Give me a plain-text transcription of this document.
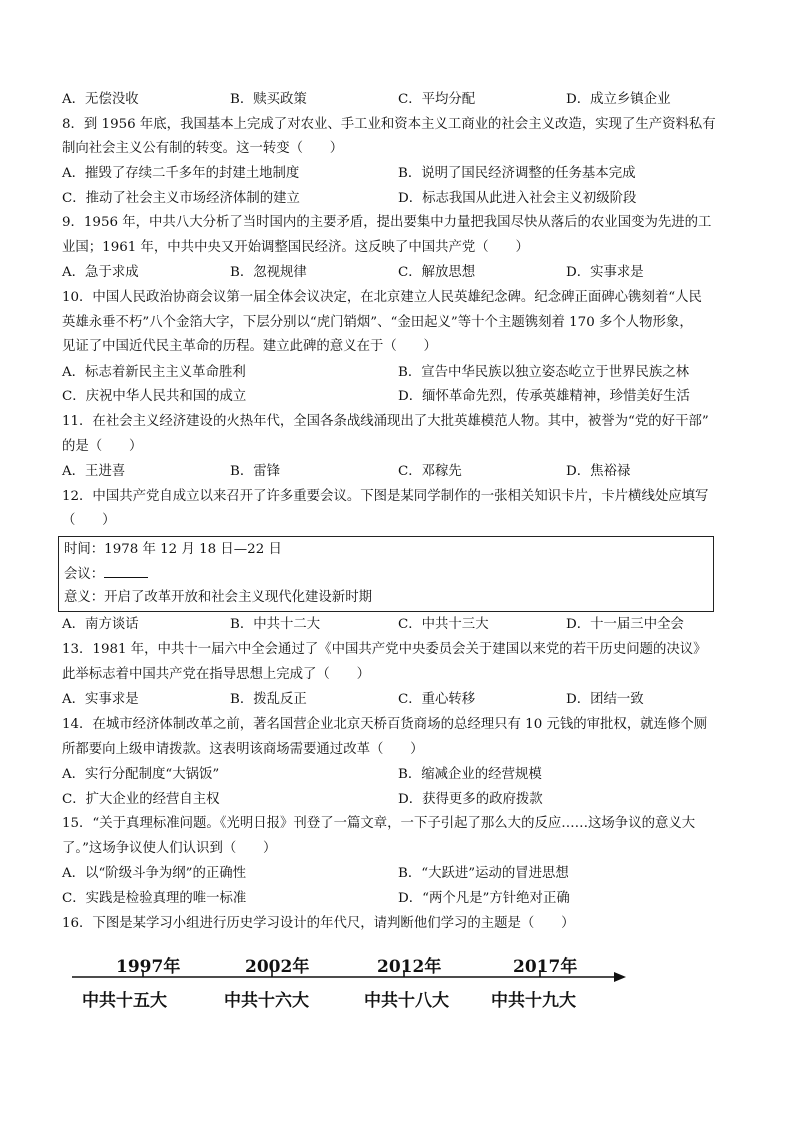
A．无偿没收	B．赎买政策	C．平均分配	D．成立乡镇企业
8．到 1956 年底，我国基本上完成了对农业、手工业和资本主义工商业的社会主义改造，实现了生产资料私有
制向社会主义公有制的转变。这一转变（　　）
A．摧毁了存续二千多年的封建土地制度	B．说明了国民经济调整的任务基本完成
C．推动了社会主义市场经济体制的建立	D．标志我国从此进入社会主义初级阶段
9．1956 年，中共八大分析了当时国内的主要矛盾，提出要集中力量把我国尽快从落后的农业国变为先进的工
业国；1961 年，中共中央又开始调整国民经济。这反映了中国共产党（　　）
A．急于求成	B．忽视规律	C．解放思想	D．实事求是
10．中国人民政治协商会议第一届全体会议决定，在北京建立人民英雄纪念碑。纪念碑正面碑心镌刻着“人民
英雄永垂不朽”八个金箔大字，下层分别以“虎门销烟”、“金田起义”等十个主题镌刻着 170 多个人物形象，
见证了中国近代民主革命的历程。建立此碑的意义在于（　　）
A．标志着新民主主义革命胜利	B．宣告中华民族以独立姿态屹立于世界民族之林
C．庆祝中华人民共和国的成立	D．缅怀革命先烈，传承英雄精神，珍惜美好生活
11．在社会主义经济建设的火热年代，全国各条战线涌现出了大批英雄模范人物。其中，被誉为“党的好干部”
的是（　　）
A．王进喜	B．雷锋	C．邓稼先	D．焦裕禄
12．中国共产党自成立以来召开了许多重要会议。下图是某同学制作的一张相关知识卡片，卡片横线处应填写
（　　）
时间：1978 年 12 月 18 日—22 日
会议：
意义：开启了改革开放和社会主义现代化建设新时期
A．南方谈话	B．中共十二大	C．中共十三大	D．十一届三中全会
13．1981 年，中共十一届六中全会通过了《中国共产党中央委员会关于建国以来党的若干历史问题的决议》
此举标志着中国共产党在指导思想上完成了（　　）
A．实事求是	B．拨乱反正	C．重心转移	D．团结一致
14．在城市经济体制改革之前，著名国营企业北京天桥百货商场的总经理只有 10 元钱的审批权，就连修个厕
所都要向上级申请拨款。这表明该商场需要通过改革（　　）
A．实行分配制度“大锅饭”	B．缩减企业的经营规模
C．扩大企业的经营自主权	D．获得更多的政府拨款
15．“关于真理标准问题。《光明日报》刊登了一篇文章，一下子引起了那么大的反应……这场争议的意义大
了。”这场争议使人们认识到（　　）
A．以“阶级斗争为纲”的正确性	B．“大跃进”运动的冒进思想
C．实践是检验真理的唯一标准	D．“两个凡是”方针绝对正确
16．下图是某学习小组进行历史学习设计的年代尺，请判断他们学习的主题是（　　）
1997年	2002年	2012年	2017年
中共十五大	中共十六大	中共十八大 中共十九大
